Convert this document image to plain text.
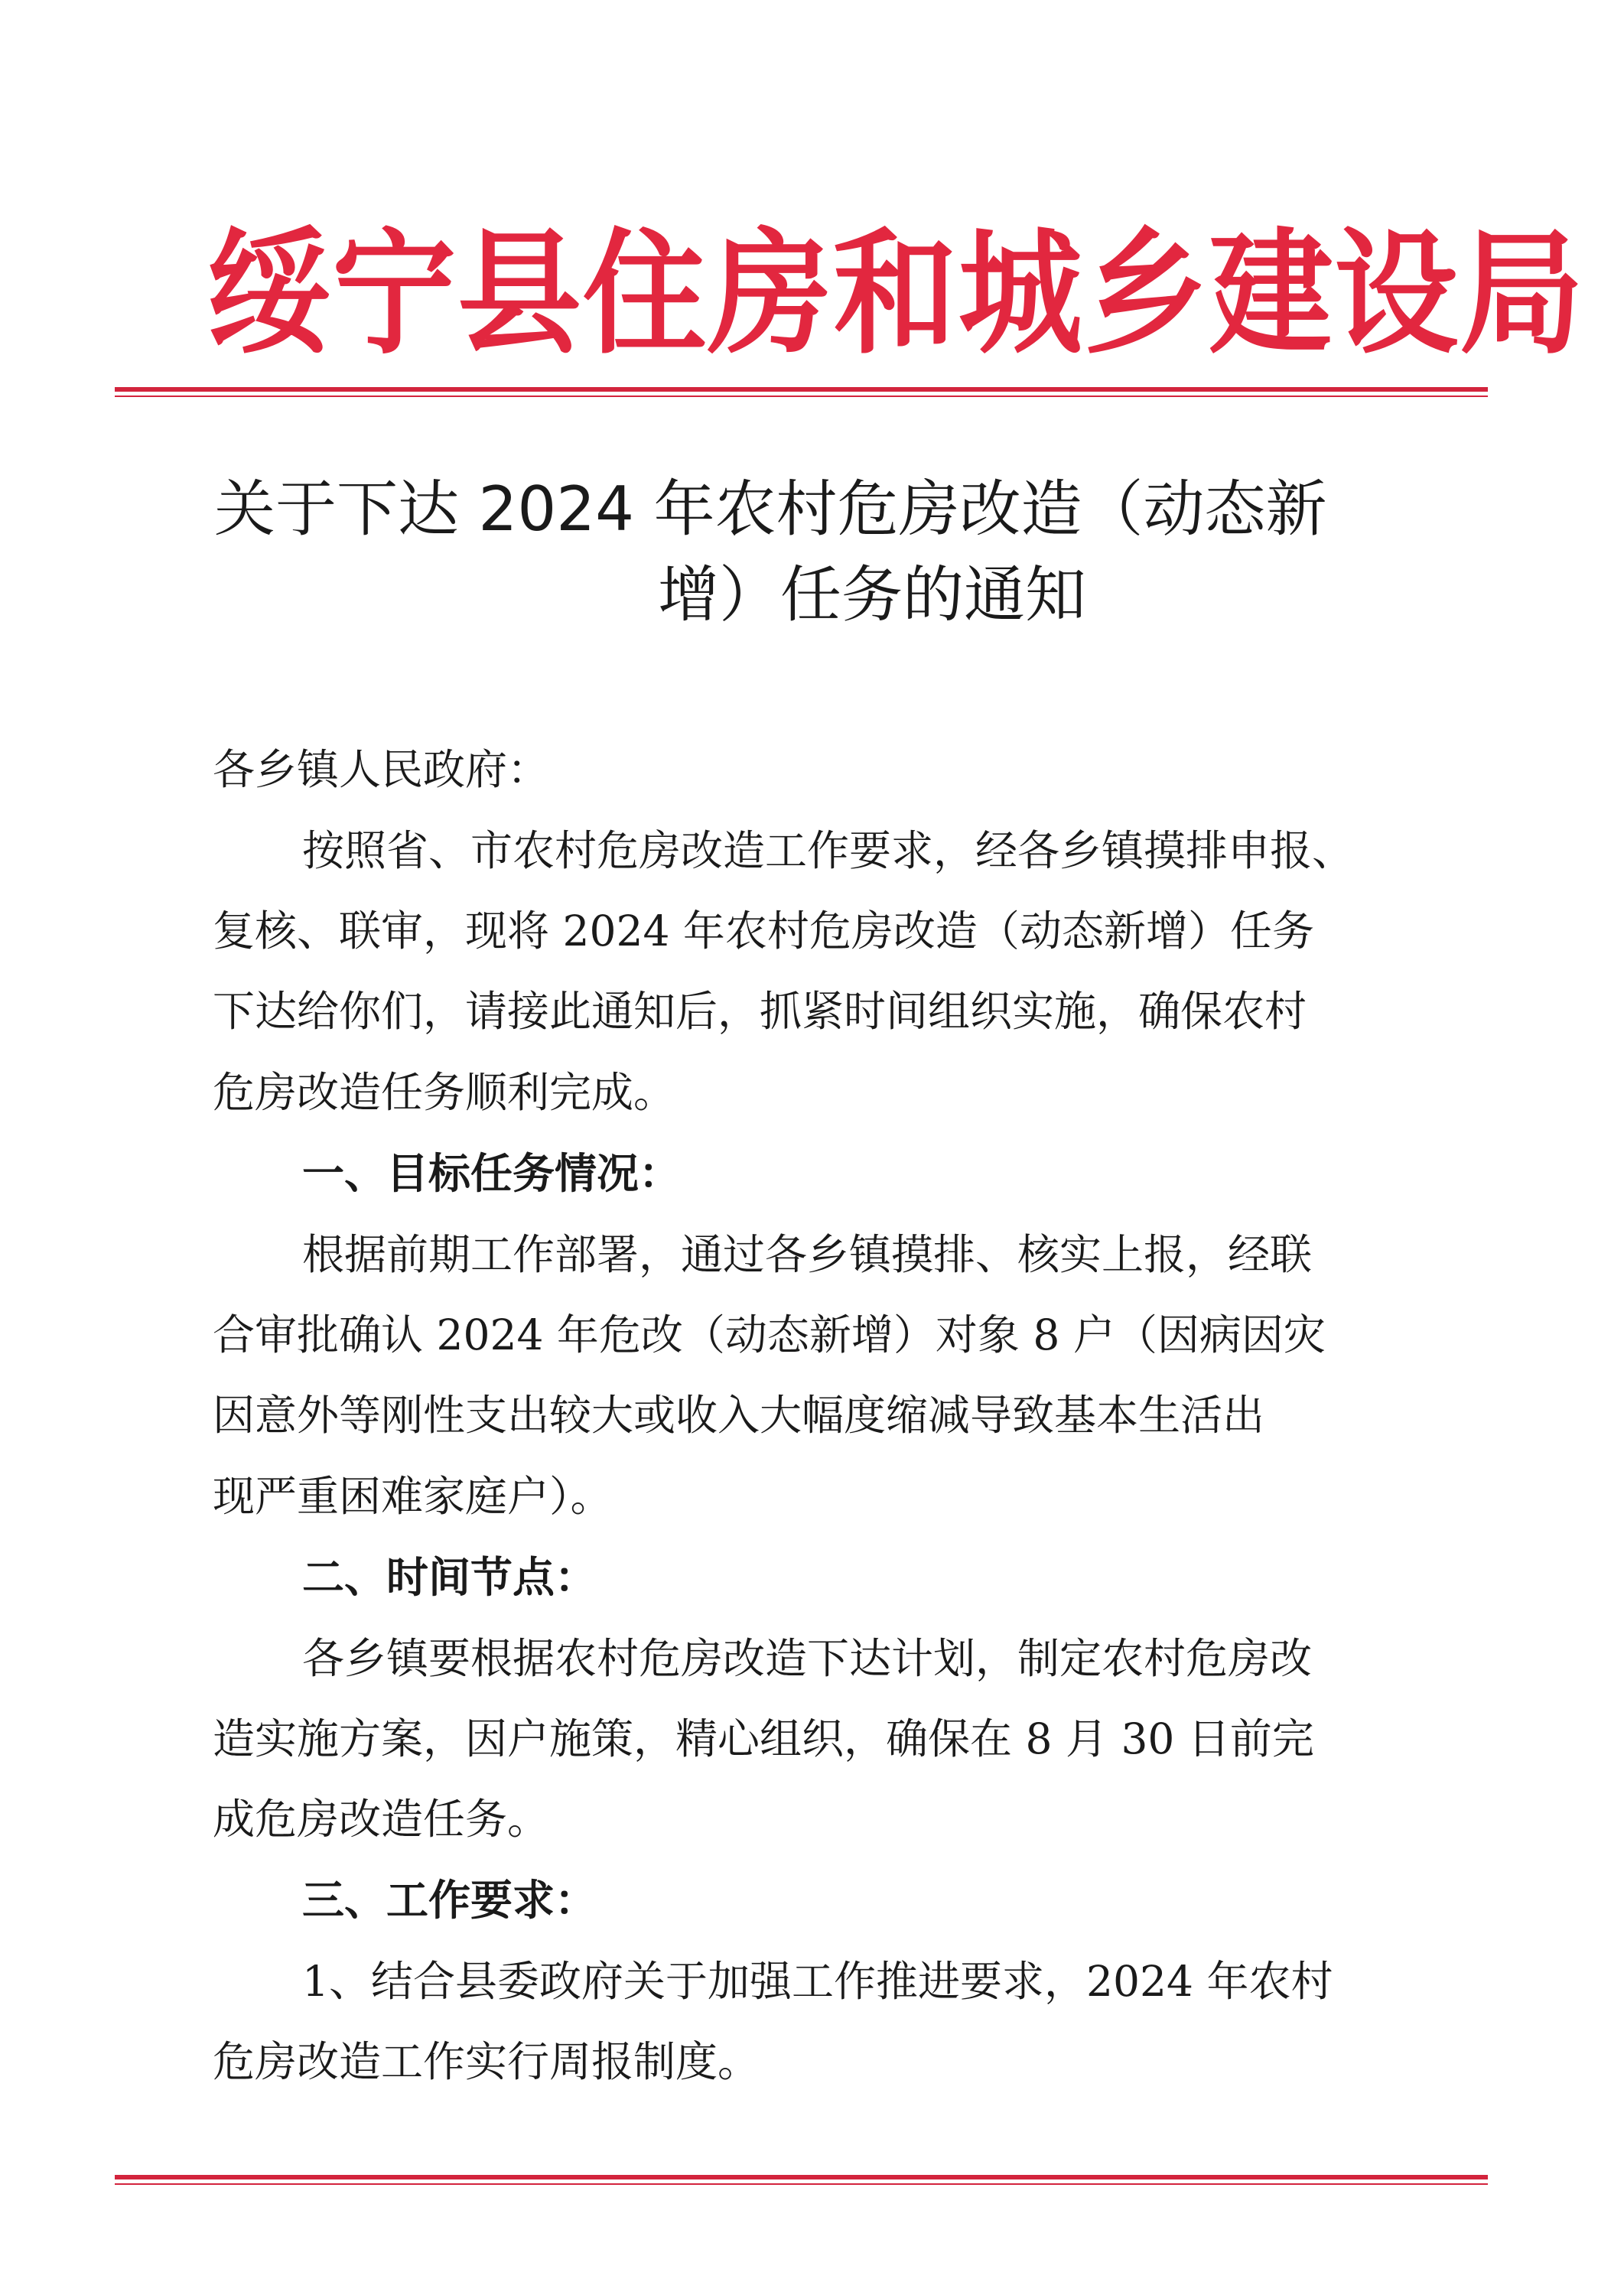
绥宁县住房和城乡建设局
关于下达 2024 年农村危房改造（动态新
增）任务的通知
各乡镇人民政府：
按照省、市农村危房改造工作要求，经各乡镇摸排申报、
复核、联审，现将 2024 年农村危房改造（动态新增）任务
下达给你们，请接此通知后，抓紧时间组织实施，确保农村
危房改造任务顺利完成。
一、目标任务情况：
根据前期工作部署，通过各乡镇摸排、核实上报，经联
合审批确认 2024 年危改（动态新增）对象 8 户（因病因灾
因意外等刚性支出较大或收入大幅度缩减导致基本生活出
现严重困难家庭户）。
二、时间节点：
各乡镇要根据农村危房改造下达计划，制定农村危房改
造实施方案，因户施策，精心组织，确保在 8 月 30 日前完
成危房改造任务。
三、工作要求：
1、结合县委政府关于加强工作推进要求，2024 年农村
危房改造工作实行周报制度。
